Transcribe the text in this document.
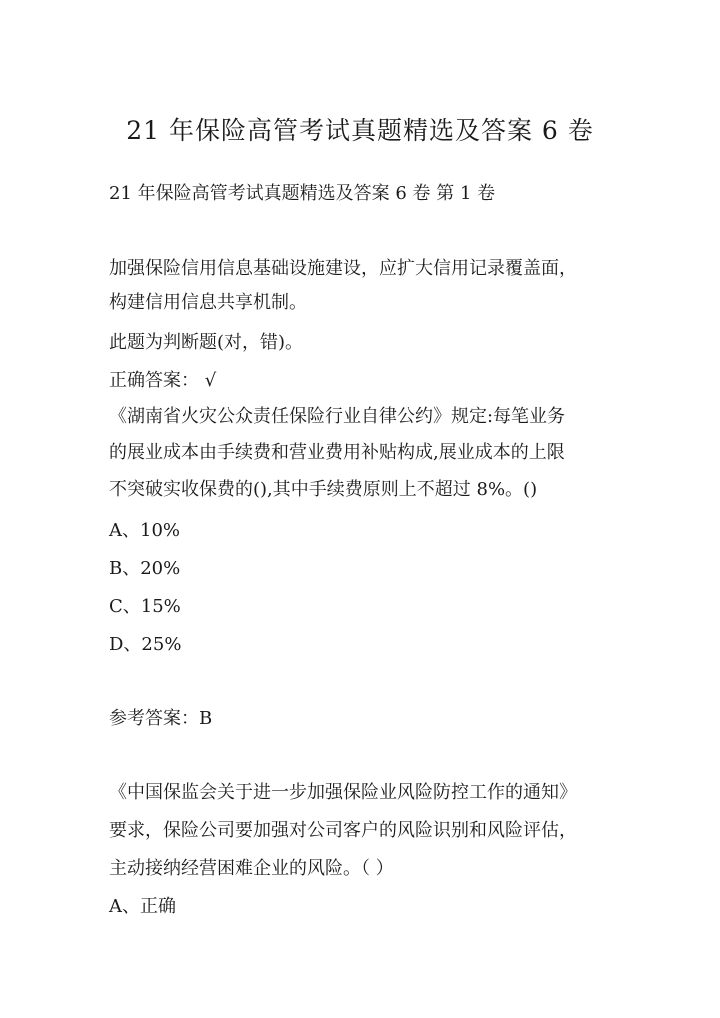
21 年保险高管考试真题精选及答案 6 卷
21 年保险高管考试真题精选及答案 6 卷 第 1 卷
加强保险信用信息基础设施建设，应扩大信用记录覆盖面，
构建信用信息共享机制。
此题为判断题(对，错)。
正确答案： √
《湖南省火灾公众责任保险行业自律公约》规定:每笔业务
的展业成本由手续费和营业费用补贴构成,展业成本的上限
不突破实收保费的(),其中手续费原则上不超过 8%。()
A、10%
B、20%
C、15%
D、25%
参考答案：B
《中国保监会关于进一步加强保险业风险防控工作的通知》
要求，保险公司要加强对公司客户的风险识别和风险评估，
主动接纳经营困难企业的风险。（ ）
A、正确
